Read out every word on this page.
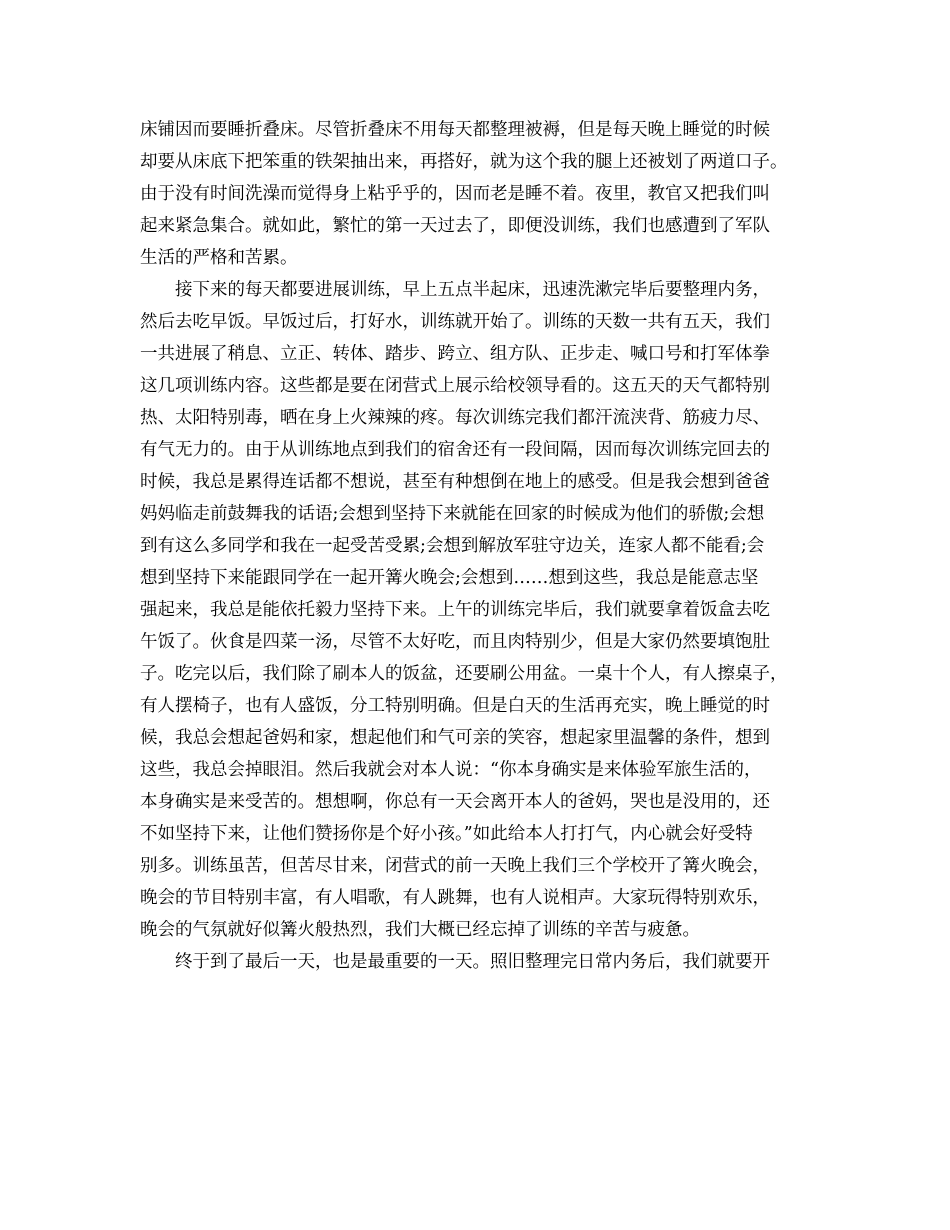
床铺因而要睡折叠床。尽管折叠床不用每天都整理被褥，但是每天晚上睡觉的时候
却要从床底下把笨重的铁架抽出来，再搭好，就为这个我的腿上还被划了两道口子。
由于没有时间洗澡而觉得身上粘乎乎的，因而老是睡不着。夜里，教官又把我们叫
起来紧急集合。就如此，繁忙的第一天过去了，即便没训练，我们也感遭到了军队
生活的严格和苦累。
接下来的每天都要进展训练，早上五点半起床，迅速洗漱完毕后要整理内务，
然后去吃早饭。早饭过后，打好水，训练就开始了。训练的天数一共有五天，我们
一共进展了稍息、立正、转体、踏步、跨立、组方队、正步走、喊口号和打军体拳
这几项训练内容。这些都是要在闭营式上展示给校领导看的。这五天的天气都特别
热、太阳特别毒，晒在身上火辣辣的疼。每次训练完我们都汗流浃背、筋疲力尽、
有气无力的。由于从训练地点到我们的宿舍还有一段间隔，因而每次训练完回去的
时候，我总是累得连话都不想说，甚至有种想倒在地上的感受。但是我会想到爸爸
妈妈临走前鼓舞我的话语;会想到坚持下来就能在回家的时候成为他们的骄傲;会想
到有这么多同学和我在一起受苦受累;会想到解放军驻守边关，连家人都不能看;会
想到坚持下来能跟同学在一起开篝火晚会;会想到……想到这些，我总是能意志坚
强起来，我总是能依托毅力坚持下来。上午的训练完毕后，我们就要拿着饭盒去吃
午饭了。伙食是四菜一汤，尽管不太好吃，而且肉特别少，但是大家仍然要填饱肚
子。吃完以后，我们除了刷本人的饭盆，还要刷公用盆。一桌十个人，有人擦桌子，
有人摆椅子，也有人盛饭，分工特别明确。但是白天的生活再充实，晚上睡觉的时
候，我总会想起爸妈和家，想起他们和气可亲的笑容，想起家里温馨的条件，想到
这些，我总会掉眼泪。然后我就会对本人说：“你本身确实是来体验军旅生活的，
本身确实是来受苦的。想想啊，你总有一天会离开本人的爸妈，哭也是没用的，还
不如坚持下来，让他们赞扬你是个好小孩。”如此给本人打打气，内心就会好受特
别多。训练虽苦，但苦尽甘来，闭营式的前一天晚上我们三个学校开了篝火晚会，
晚会的节目特别丰富，有人唱歌，有人跳舞，也有人说相声。大家玩得特别欢乐，
晚会的气氛就好似篝火般热烈，我们大概已经忘掉了训练的辛苦与疲惫。
终于到了最后一天，也是最重要的一天。照旧整理完日常内务后，我们就要开
